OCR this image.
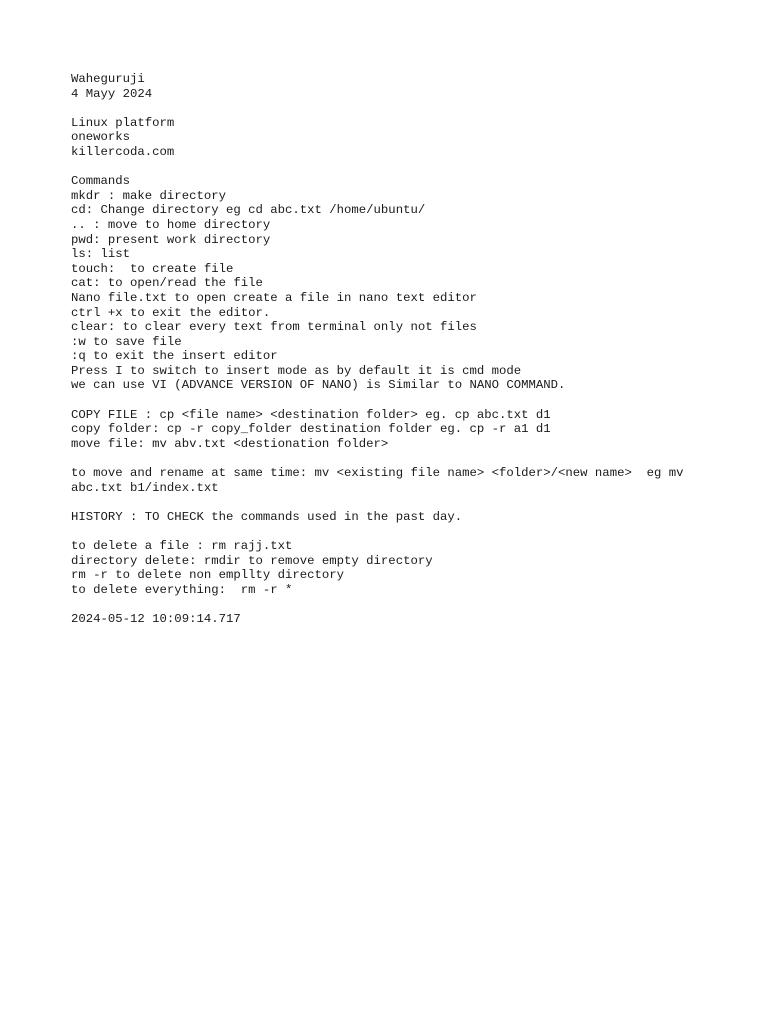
Waheguruji
4 Mayy 2024
Linux platform
oneworks
killercoda.com
Commands
mkdr : make directory
cd: Change directory eg cd abc.txt /home/ubuntu/
.. : move to home directory
pwd: present work directory
ls: list
touch:  to create file
cat: to open/read the file
Nano file.txt to open create a file in nano text editor
ctrl +x to exit the editor.
clear: to clear every text from terminal only not files
:w to save file
:q to exit the insert editor
Press I to switch to insert mode as by default it is cmd mode
we can use VI (ADVANCE VERSION OF NANO) is Similar to NANO COMMAND.
COPY FILE : cp <file name> <destination folder> eg. cp abc.txt d1
copy folder: cp -r copy_folder destination folder eg. cp -r a1 d1
move file: mv abv.txt <destionation folder>
to move and rename at same time: mv <existing file name> <folder>/<new name>  eg mv
abc.txt b1/index.txt
HISTORY : TO CHECK the commands used in the past day.
to delete a file : rm rajj.txt
directory delete: rmdir to remove empty directory
rm -r to delete non empllty directory
to delete everything:  rm -r *
2024-05-12 10:09:14.717
